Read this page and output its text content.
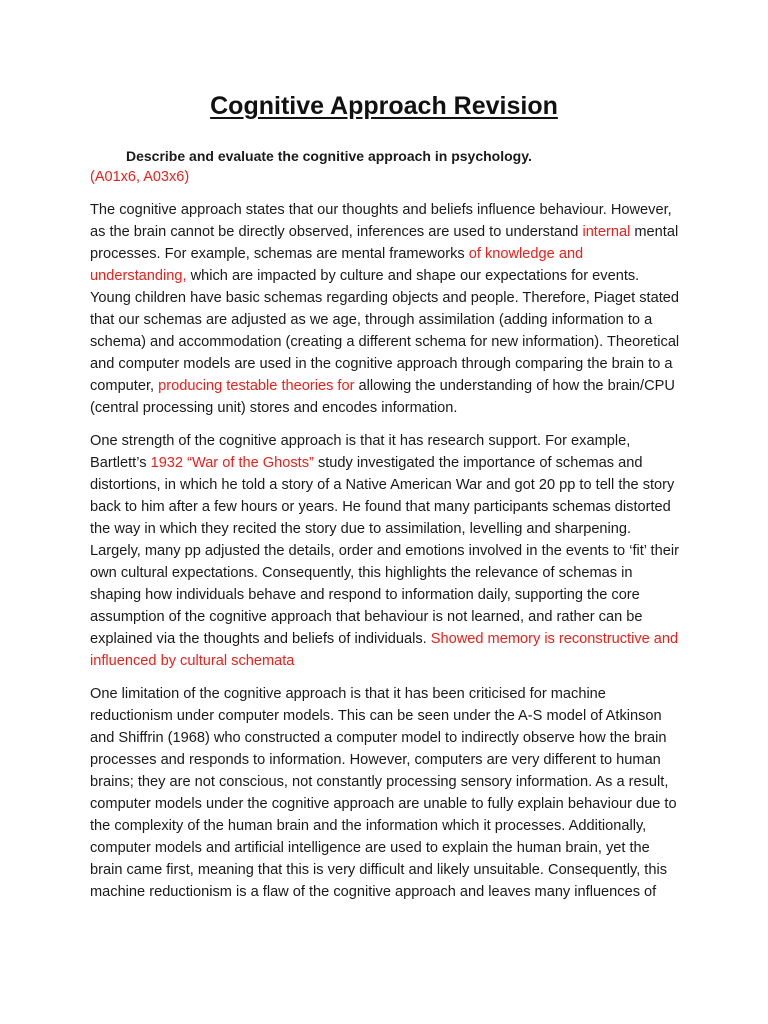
Cognitive Approach Revision
Describe and evaluate the cognitive approach in psychology.
(A01x6, A03x6)

The cognitive approach states that our thoughts and beliefs influence behaviour. However, as the brain cannot be directly observed, inferences are used to understand internal mental processes. For example, schemas are mental frameworks of knowledge and understanding, which are impacted by culture and shape our expectations for events. Young children have basic schemas regarding objects and people. Therefore, Piaget stated that our schemas are adjusted as we age, through assimilation (adding information to a schema) and accommodation (creating a different schema for new information). Theoretical and computer models are used in the cognitive approach through comparing the brain to a computer, producing testable theories for allowing the understanding of how the brain/CPU (central processing unit) stores and encodes information.

One strength of the cognitive approach is that it has research support. For example, Bartlett’s 1932 “War of the Ghosts” study investigated the importance of schemas and distortions, in which he told a story of a Native American War and got 20 pp to tell the story back to him after a few hours or years. He found that many participants schemas distorted the way in which they recited the story due to assimilation, levelling and sharpening. Largely, many pp adjusted the details, order and emotions involved in the events to ‘fit’ their own cultural expectations. Consequently, this highlights the relevance of schemas in shaping how individuals behave and respond to information daily, supporting the core assumption of the cognitive approach that behaviour is not learned, and rather can be explained via the thoughts and beliefs of individuals. Showed memory is reconstructive and influenced by cultural schemata

One limitation of the cognitive approach is that it has been criticised for machine reductionism under computer models. This can be seen under the A-S model of Atkinson and Shiffrin (1968) who constructed a computer model to indirectly observe how the brain processes and responds to information. However, computers are very different to human brains; they are not conscious, not constantly processing sensory information. As a result, computer models under the cognitive approach are unable to fully explain behaviour due to the complexity of the human brain and the information which it processes. Additionally, computer models and artificial intelligence are used to explain the human brain, yet the brain came first, meaning that this is very difficult and likely unsuitable. Consequently, this machine reductionism is a flaw of the cognitive approach and leaves many influences of
